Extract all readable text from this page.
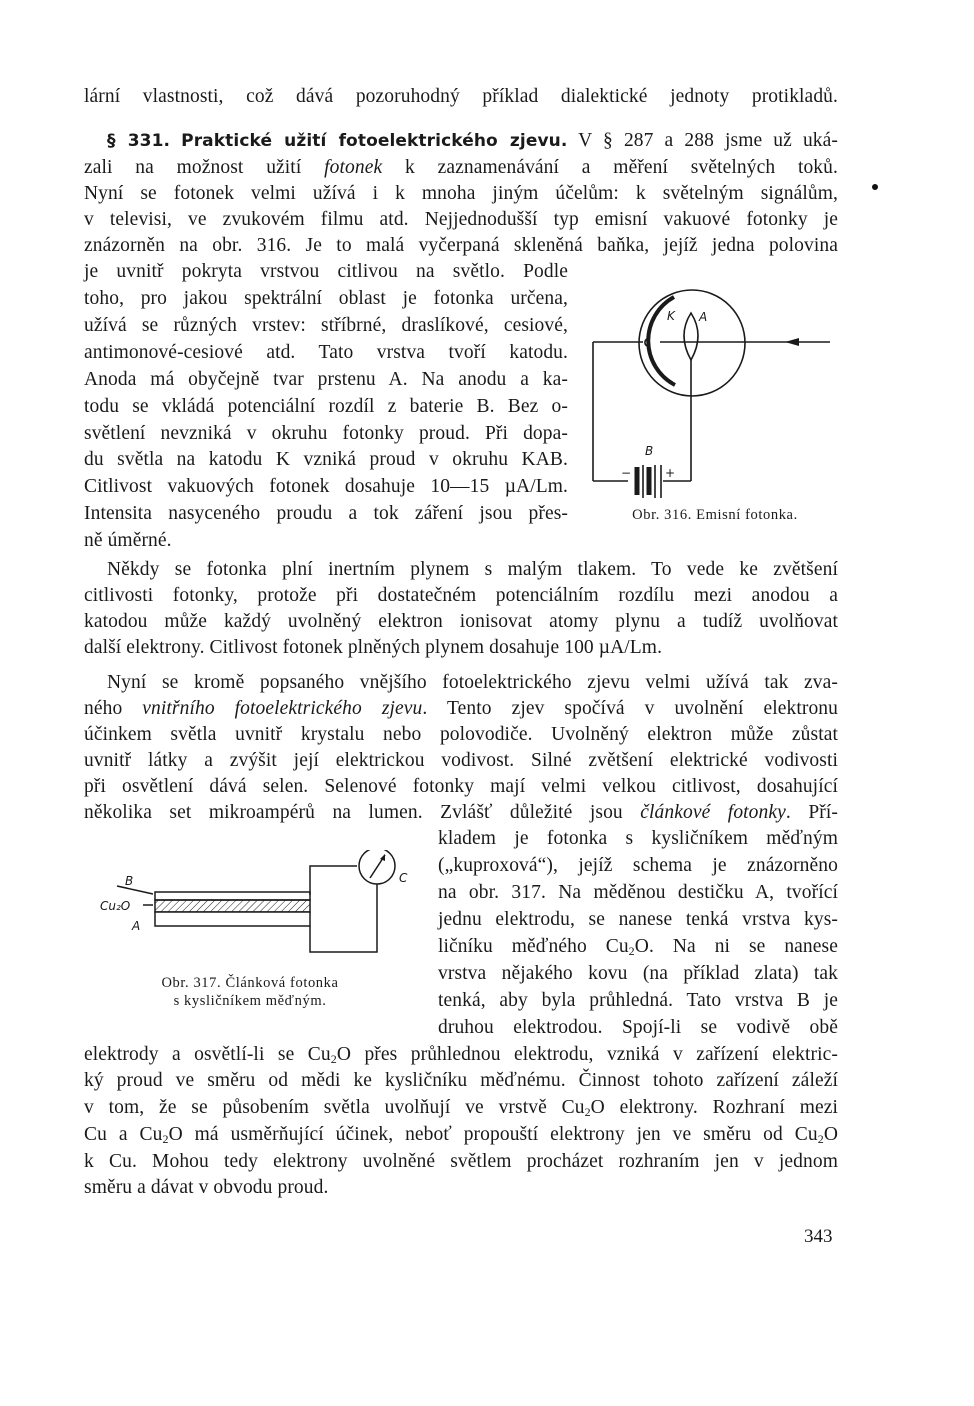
lární vlastnosti, což dává pozoruhodný příklad dialektické jednoty protikladů.
§ 331. Praktické užití fotoelektrického zjevu. V § 287 a 288 jsme už uká-
zali na možnost užití fotonek k zaznamenávání a měření světelných toků.
Nyní se fotonek velmi užívá i k mnoha jiným účelům: k světelným signálům,
v televisi, ve zvukovém filmu atd. Nejjednodušší typ emisní vakuové fotonky je
znázorněn na obr. 316. Je to malá vyčerpaná skleněná baňka, jejíž jedna polovina
je uvnitř pokryta vrstvou citlivou na světlo. Podle
toho, pro jakou spektrální oblast je fotonka určena,
užívá se různých vrstev: stříbrné, draslíkové, cesiové,
antimonové-cesiové atd. Tato vrstva tvoří katodu.
Anoda má obyčejně tvar prstenu A. Na anodu a ka-
todu se vkládá potenciální rozdíl z baterie B. Bez o-
světlení nevzniká v okruhu fotonky proud. Při dopa-
du světla na katodu K vzniká proud v okruhu KAB.
Citlivost vakuových fotonek dosahuje 10—15 µA/Lm.
Intensita nasyceného proudu a tok záření jsou přes-
ně úměrné.
K A
B
−	+
Obr. 316. Emisní fotonka.
Někdy se fotonka plní inertním plynem s malým tlakem. To vede ke zvětšení
citlivosti fotonky, protože při dostatečném potenciálním rozdílu mezi anodou a
katodou může každý uvolněný elektron ionisovat atomy plynu a tudíž uvolňovat
další elektrony. Citlivost fotonek plněných plynem dosahuje 100 µA/Lm.
Nyní se kromě popsaného vnějšího fotoelektrického zjevu velmi užívá tak zva-
ného vnitřního fotoelektrického zjevu. Tento zjev spočívá v uvolnění elektronu
účinkem světla uvnitř krystalu nebo polovodiče. Uvolněný elektron může zůstat
uvnitř látky a zvýšit její elektrickou vodivost. Silné zvětšení elektrické vodivosti
při osvětlení dává selen. Selenové fotonky mají velmi velkou citlivost, dosahující
několika set mikroampérů na lumen. Zvlášť důležité jsou článkové fotonky. Pří-
kladem je fotonka s kysličníkem měďným
(„kuproxová“), jejíž schema je znázorněno
na obr. 317. Na měděnou destičku A, tvořící
jednu elektrodu, se nanese tenká vrstva kys-
ličníku měďného $Cu_2O$. Na ni se nanese
vrstva nějakého kovu (na příklad zlata) tak
tenká, aby byla průhledná. Tato vrstva B je
druhou elektrodou. Spojí-li se vodivě obě
B
Cu₂O
A
C
Obr. 317. Článková fotonka
s kysličníkem měďným.
elektrody a osvětlí-li se $Cu_2O$ přes průhlednou elektrodu, vzniká v zařízení elektric-
ký proud ve směru od mědi ke kysličníku měďnému. Činnost tohoto zařízení záleží
v tom, že se působením světla uvolňují ve vrstvě $Cu_2O$ elektrony. Rozhraní mezi
Cu a $Cu_2O$ má usměrňující účinek, neboť propouští elektrony jen ve směru od $Cu_2O$
k Cu. Mohou tedy elektrony uvolněné světlem procházet rozhraním jen v jednom
směru a dávat v obvodu proud.
343
